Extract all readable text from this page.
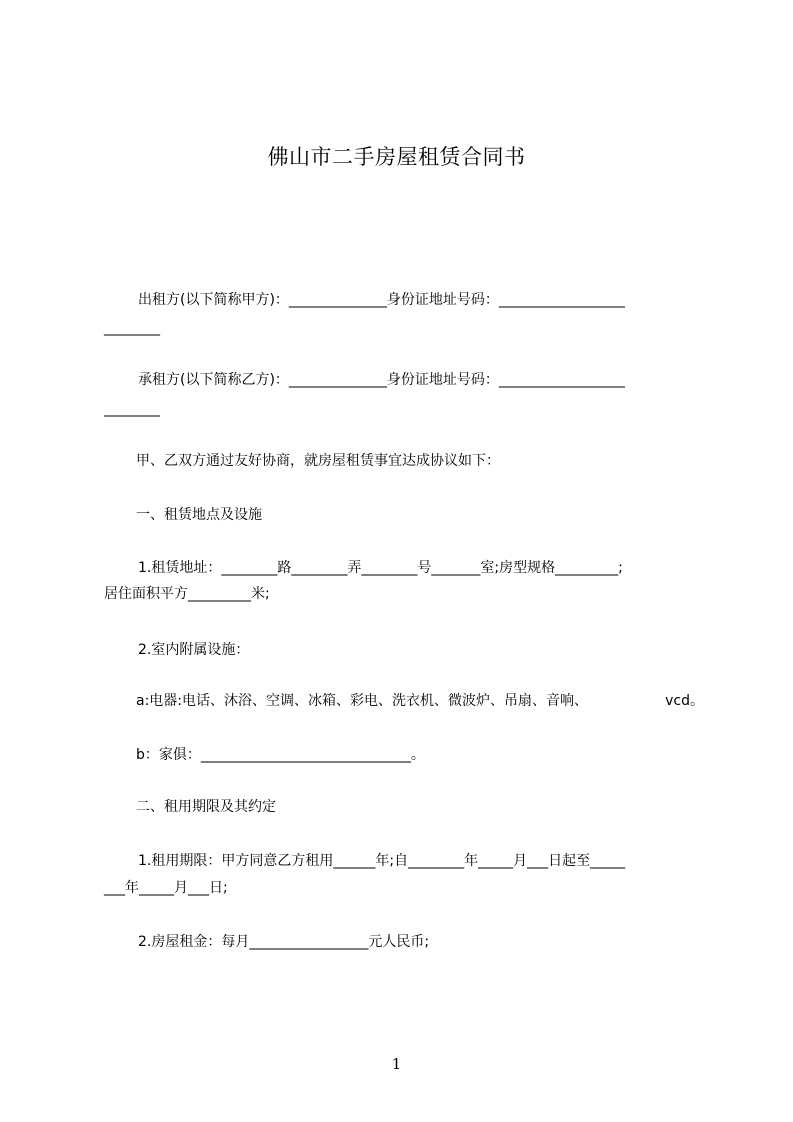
佛山市二手房屋租赁合同书
出租方(以下简称甲方)：______________身份证地址号码：__________________
________
承租方(以下简称乙方)：______________身份证地址号码：__________________
________
甲、乙双方通过友好协商，就房屋租赁事宜达成协议如下：
一、租赁地点及设施
1.租赁地址：________路________弄________号_______室;房型规格_________;
居住面积平方_________米;
2.室内附属设施：
a:电器:电话、沐浴、空调、冰箱、彩电、洗衣机、微波炉、吊扇、音响、	vcd。
b：家俱：______________________________。
二、租用期限及其约定
1.租用期限：甲方同意乙方租用______年;自________年_____月___日起至_____
___年_____月___日;
2.房屋租金：每月_________________元人民币;
1
